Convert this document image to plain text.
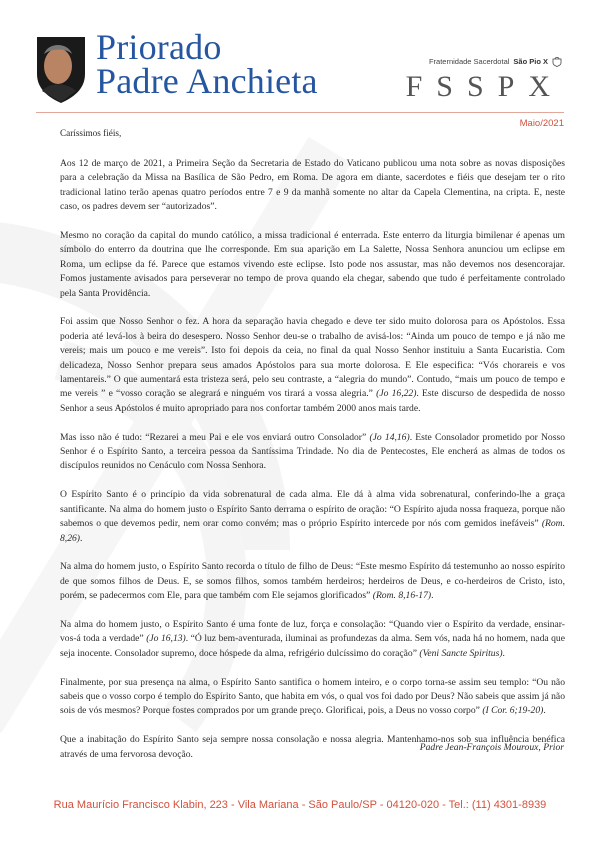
Priorado
Padre Anchieta	Fraternidade Sacerdotal São Pio X
FSSPX
Maio/2021
Caríssimos fiéis,

Aos 12 de março de 2021, a Primeira Seção da Secretaria de Estado do Vaticano publicou uma nota sobre as novas disposições para a celebração da Missa na Basílica de São Pedro, em Roma. De agora em diante, sacerdotes e fiéis que desejam ter o rito tradicional latino terão apenas quatro períodos entre 7 e 9 da manhã somente no altar da Capela Clementina, na cripta. E, neste caso, os padres devem ser “autorizados”.

Mesmo no coração da capital do mundo católico, a missa tradicional é enterrada. Este enterro da liturgia bimilenar é apenas um símbolo do enterro da doutrina que lhe corresponde. Em sua aparição em La Salette, Nossa Senhora anunciou um eclipse em Roma, um eclipse da fé. Parece que estamos vivendo este eclipse. Isto pode nos assustar, mas não devemos nos desencorajar. Fomos justamente avisados para perseverar no tempo de prova quando ela chegar, sabendo que tudo é perfeitamente controlado pela Santa Providência.

Foi assim que Nosso Senhor o fez. A hora da separação havia chegado e deve ter sido muito dolorosa para os Apóstolos. Essa poderia até levá-los à beira do desespero. Nosso Senhor deu-se o trabalho de avisá-los: “Ainda um pouco de tempo e já não me vereis; mais um pouco e me vereis”. Isto foi depois da ceia, no final da qual Nosso Senhor instituiu a Santa Eucaristia. Com delicadeza, Nosso Senhor prepara seus amados Apóstolos para sua morte dolorosa. E Ele especifica: “Vós chorareis e vos lamentareis.” O que aumentará esta tristeza será, pelo seu contraste, a “alegria do mundo”. Contudo, “mais um pouco de tempo e me vereis ” e “vosso coração se alegrará e ninguém vos tirará a vossa alegria.” (Jo 16,22). Este discurso de despedida de nosso Senhor a seus Apóstolos é muito apropriado para nos confortar também 2000 anos mais tarde.

Mas isso não é tudo: “Rezarei a meu Pai e ele vos enviará outro Consolador” (Jo 14,16). Este Consolador prometido por Nosso Senhor é o Espírito Santo, a terceira pessoa da Santíssima Trindade. No dia de Pentecostes, Ele encherá as almas de todos os discípulos reunidos no Cenáculo com Nossa Senhora.

O Espírito Santo é o princípio da vida sobrenatural de cada alma. Ele dá à alma vida sobrenatural, conferindo-lhe a graça santificante. Na alma do homem justo o Espírito Santo derrama o espírito de oração: “O Espírito ajuda nossa fraqueza, porque não sabemos o que devemos pedir, nem orar como convém; mas o próprio Espírito intercede por nós com gemidos inefáveis” (Rom. 8,26).

Na alma do homem justo, o Espírito Santo recorda o título de filho de Deus: “Este mesmo Espírito dá testemunho ao nosso espírito de que somos filhos de Deus. E, se somos filhos, somos também herdeiros; herdeiros de Deus, e co-herdeiros de Cristo, isto, porém, se padecermos com Ele, para que também com Ele sejamos glorificados” (Rom. 8,16-17).

Na alma do homem justo, o Espírito Santo é uma fonte de luz, força e consolação: “Quando vier o Espírito da verdade, ensinar-vos-á toda a verdade” (Jo 16,13). “Ó luz bem-aventurada, iluminai as profundezas da alma. Sem vós, nada há no homem, nada que seja inocente. Consolador supremo, doce hóspede da alma, refrigério dulcíssimo do coração” (Veni Sancte Spiritus).

Finalmente, por sua presença na alma, o Espírito Santo santifica o homem inteiro, e o corpo torna-se assim seu templo: “Ou não sabeis que o vosso corpo é templo do Espírito Santo, que habita em vós, o qual vos foi dado por Deus? Não sabeis que assim já não sois de vós mesmos? Porque fostes comprados por um grande preço. Glorificai, pois, a Deus no vosso corpo” (I Cor. 6;19-20).

Que a inabitação do Espírito Santo seja sempre nossa consolação e nossa alegria. Mantenhamo-nos sob sua influência benéfica através de uma fervorosa devoção.

Padre Jean-François Mouroux, Prior
Rua Maurício Francisco Klabin, 223 - Vila Mariana - São Paulo/SP - 04120-020 - Tel.: (11) 4301-8939
